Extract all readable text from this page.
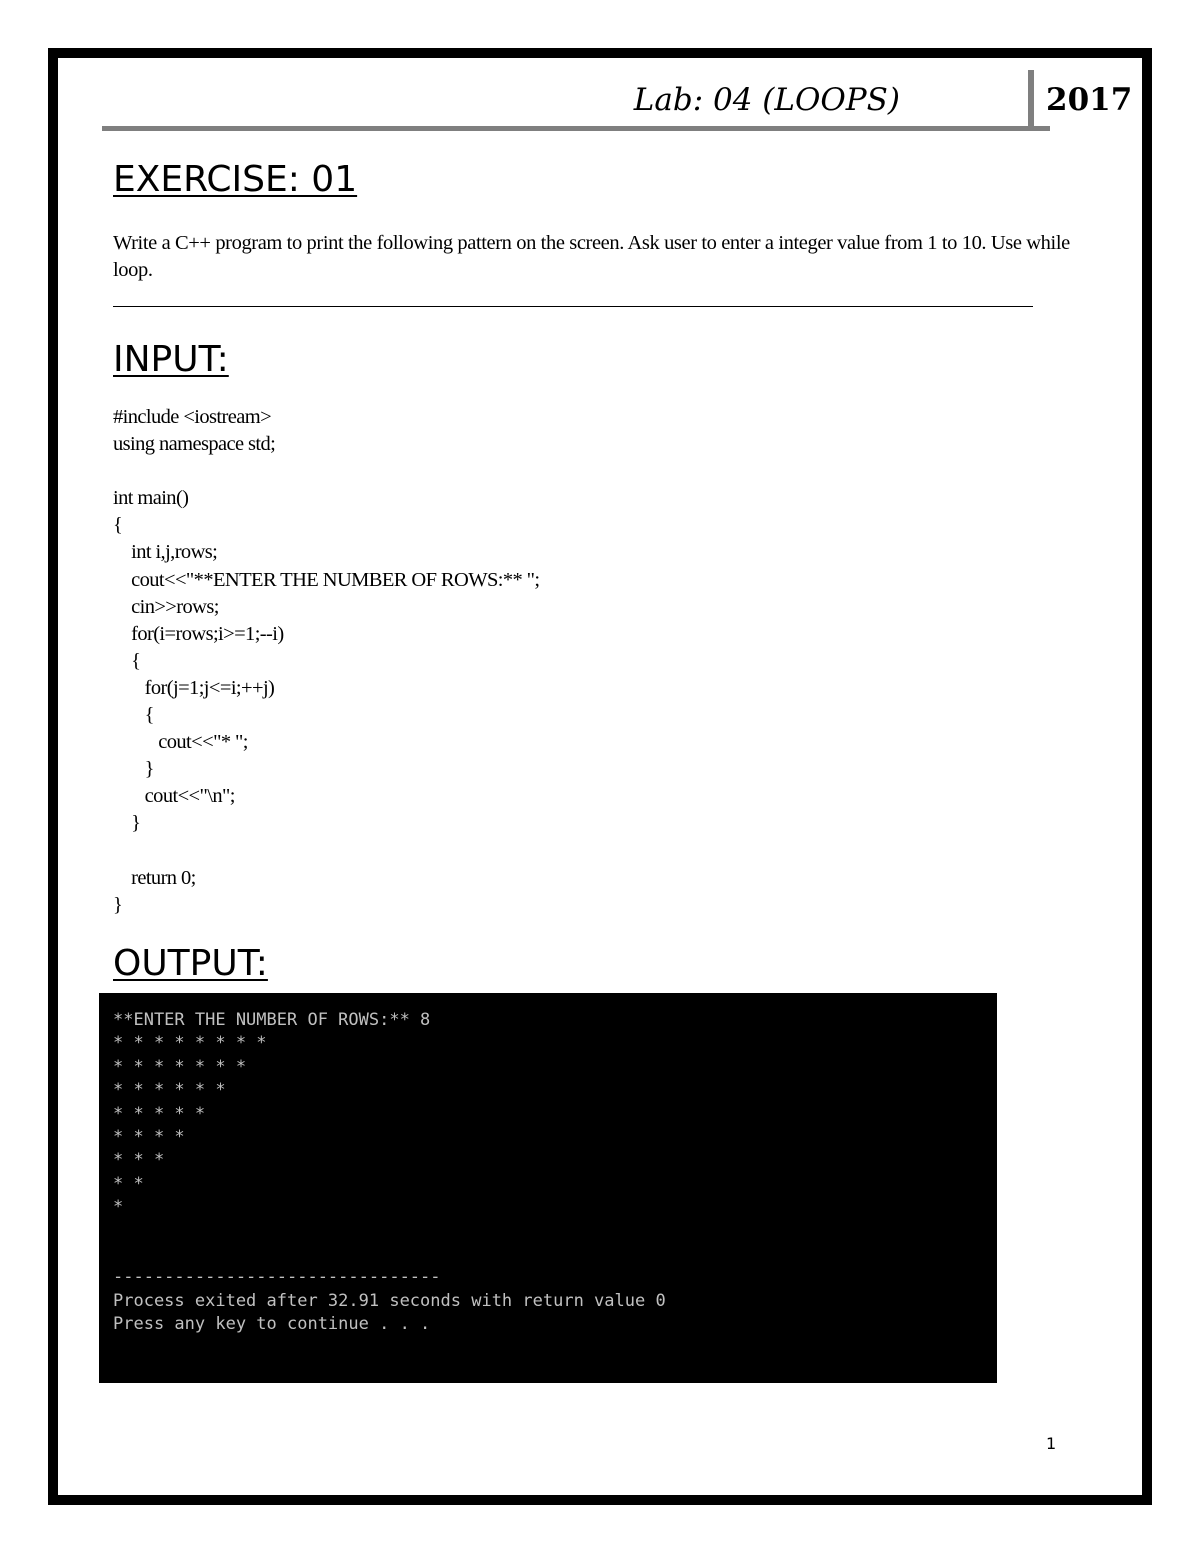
Lab: 04 (LOOPS)	2017
EXERCISE: 01
Write a C++ program to print the following pattern on the screen. Ask user to enter a integer value from 1 to 10. Use while loop.
INPUT:
#include <iostream>
using namespace std;

int main()
{
int i,j,rows;
cout<<"**ENTER THE NUMBER OF ROWS:** ";
cin>>rows;
for(i=rows;i>=1;--i)
{
for(j=1;j<=i;++j)
{
cout<<"* ";
}
cout<<"\n";
}

return 0;
}
OUTPUT:
**ENTER THE NUMBER OF ROWS:** 8
* * * * * * * *
* * * * * * *
* * * * * *
* * * * *
* * * *
* * *
* *
*
--------------------------------
Process exited after 32.91 seconds with return value 0
Press any key to continue . . .
1
